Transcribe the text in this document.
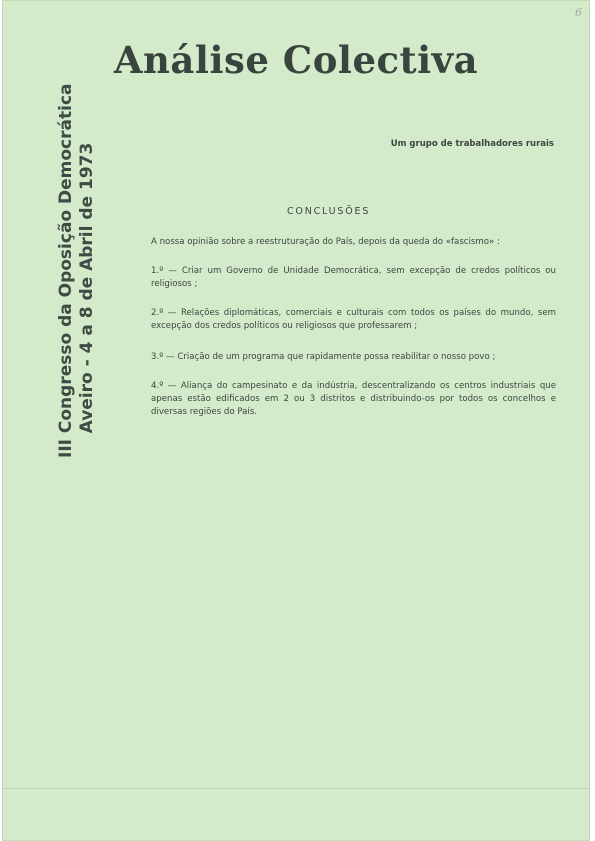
6
Análise Colectiva
III Congresso da Oposição Democrática Aveiro - 4 a 8 de Abril de 1973	Um grupo de trabalhadores rurais
CONCLUSÕES
A nossa opinião sobre a reestruturação do País, depois da queda do «fascismo» :
1.º — Criar um Governo de Unidade Democrática, sem excepção de credos políticos ou religiosos ;
2.º — Relações diplomáticas, comerciais e culturais com todos os países do mundo, sem excepção dos credos políticos ou religiosos que professarem ;
3.º — Criação de um programa que rapidamente possa reabilitar o nosso povo ;
4.º — Aliança do campesinato e da indústria, descentralizando os centros industriais que apenas estão edificados em 2 ou 3 distritos e distribuindo-os por todos os concelhos e diversas regiões do País.
